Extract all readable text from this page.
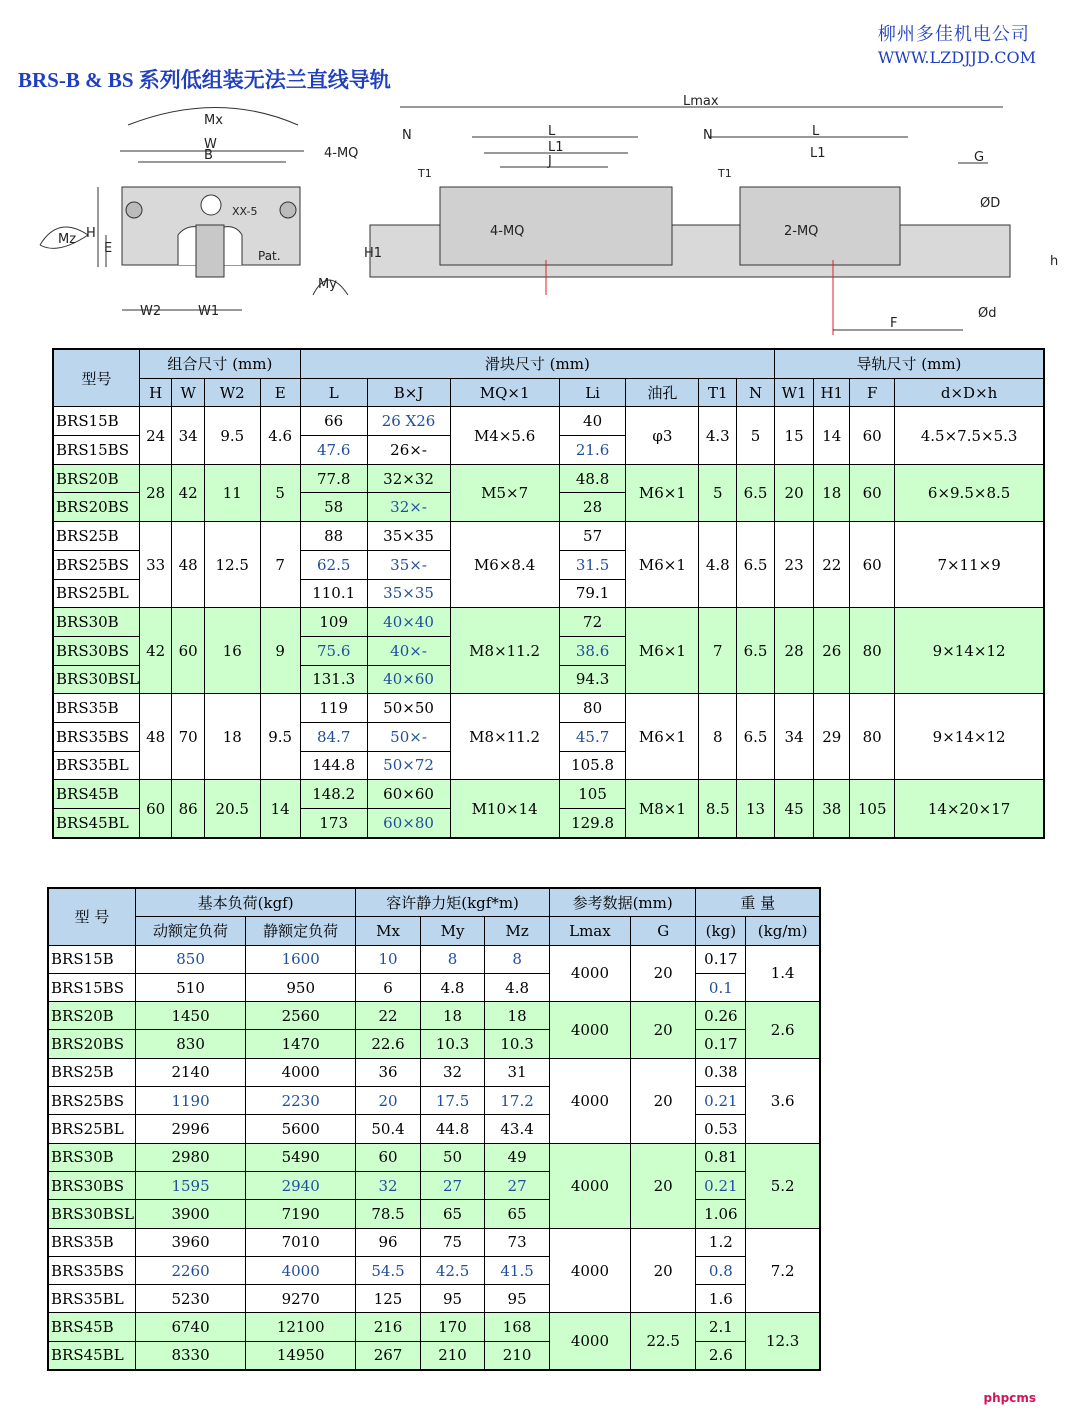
柳州多佳机电公司
WWW.LZDJJD.COM
BRS-B & BS 系列低组装无法兰直线导轨
Mx
W
B	4-MQ
XX-5
Pat.
Mz H
E
My
W2	W1
Lmax
L
L1
J
N
T1
H1
4-MQ
N	L
L1
T1
2-MQ
G
ØD
h
F
Ød
型号	组合尺寸 (mm)				滑块尺寸 (mm)							导轨尺寸 (mm)			
	H	W	W2	E	L	B×J	MQ×1	Li	油孔	T1	N	W1	H1	F	d×D×h
BRS15B	24	34	9.5	4.6	66	26 X26	M4×5.6	40	φ3	4.3	5	15	14	60	4.5×7.5×5.3
BRS15BS					47.6	26×-		21.6							
BRS20B	28	42	11	5	77.8	32×32	M5×7	48.8	M6×1	5	6.5	20	18	60	6×9.5×8.5
BRS20BS					58	32×-		28							
BRS25B	33	48	12.5	7	88	35×35	M6×8.4	57	M6×1	4.8	6.5	23	22	60	7×11×9
BRS25BS					62.5	35×-		31.5							
BRS25BL					110.1	35×35		79.1							
BRS30B	42	60	16	9	109	40×40	M8×11.2	72	M6×1	7	6.5	28	26	80	9×14×12
BRS30BS					75.6	40×-		38.6							
BRS30BSL					131.3	40×60		94.3							
BRS35B	48	70	18	9.5	119	50×50	M8×11.2	80	M6×1	8	6.5	34	29	80	9×14×12
BRS35BS					84.7	50×-		45.7							
BRS35BL					144.8	50×72		105.8							
BRS45B	60	86	20.5	14	148.2	60×60	M10×14	105	M8×1	8.5	13	45	38	105	14×20×17
BRS45BL					173	60×80		129.8							
型 号	基本负荷(kgf)		容许静力矩(kgf*m)			参考数据(mm)		重 量	
	动额定负荷	静额定负荷	Mx	My	Mz	Lmax	G	(kg)	(kg/m)
BRS15B	850	1600	10	8	8	4000	20	0.17	1.4
BRS15BS	510	950	6	4.8	4.8			0.1	
BRS20B	1450	2560	22	18	18	4000	20	0.26	2.6
BRS20BS	830	1470	22.6	10.3	10.3			0.17	
BRS25B	2140	4000	36	32	31	4000	20	0.38	3.6
BRS25BS	1190	2230	20	17.5	17.2			0.21	
BRS25BL	2996	5600	50.4	44.8	43.4			0.53	
BRS30B	2980	5490	60	50	49	4000	20	0.81	5.2
BRS30BS	1595	2940	32	27	27			0.21	
BRS30BSL	3900	7190	78.5	65	65			1.06	
BRS35B	3960	7010	96	75	73	4000	20	1.2	7.2
BRS35BS	2260	4000	54.5	42.5	41.5			0.8	
BRS35BL	5230	9270	125	95	95			1.6	
BRS45B	6740	12100	216	170	168	4000	22.5	2.1	12.3
BRS45BL	8330	14950	267	210	210			2.6	
phpcms
